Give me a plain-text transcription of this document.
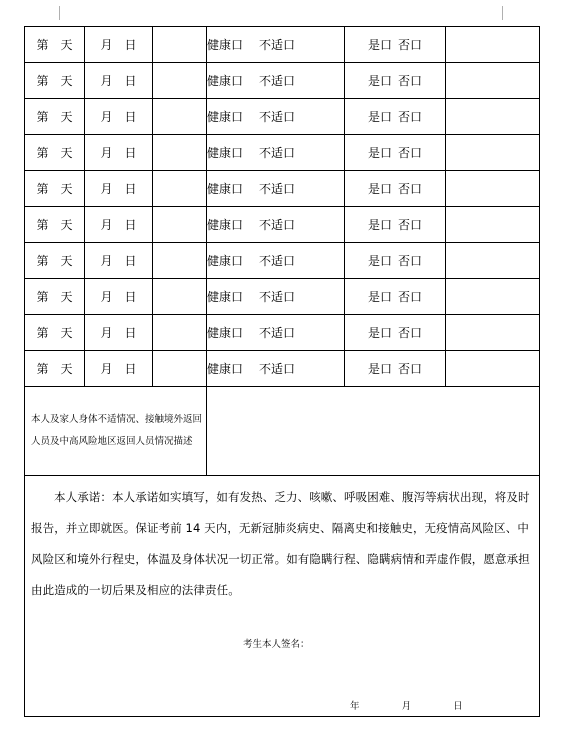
第　天	月　日		健康口 不适口	是口 否口	
第　天	月　日		健康口 不适口	是口 否口	
第　天	月　日		健康口 不适口	是口 否口	
第　天	月　日		健康口 不适口	是口 否口	
第　天	月　日		健康口 不适口	是口 否口	
第　天	月　日		健康口 不适口	是口 否口	
第　天	月　日		健康口 不适口	是口 否口	
第　天	月　日		健康口 不适口	是口 否口	
第　天	月　日		健康口 不适口	是口 否口	
第　天	月　日		健康口 不适口	是口 否口	

本人及家人身体不适情况、接触境外返回人员及中高风险地区返回人员情况描述					

本人承诺：本人承诺如实填写，如有发热、乏力、咳嗽、呼吸困难、腹泻等病状出现，将及时报告，并立即就医。保证考前 14 天内，无新冠肺炎病史、隔离史和接触史，无疫情高风险区、中风险区和境外行程史，体温及身体状况一切正常。如有隐瞒行程、隐瞒病情和弄虚作假，愿意承担由此造成的一切后果及相应的法律责任。
考生本人签名：
年 月 日					
